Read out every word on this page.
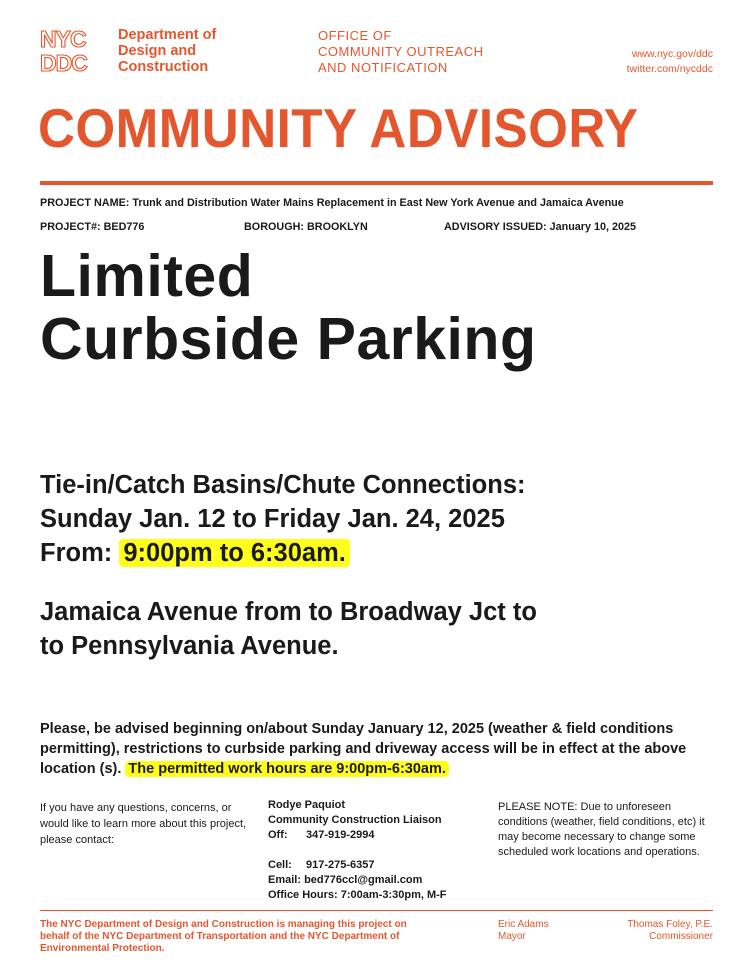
NYC
DDC
Department of
Design and
Construction
OFFICE OF
COMMUNITY OUTREACH
AND NOTIFICATION
www.nyc.gov/ddc
twitter.com/nycddc
COMMUNITY ADVISORY
PROJECT NAME: Trunk and Distribution Water Mains Replacement in East New York Avenue and Jamaica Avenue
PROJECT#: BED776	BOROUGH: BROOKLYN	ADVISORY ISSUED: January 10, 2025
Limited
Curbside Parking
Tie-in/Catch Basins/Chute Connections:
Sunday Jan. 12 to Friday Jan. 24, 2025
From: 9:00pm to 6:30am.
Jamaica Avenue from to Broadway Jct to
to Pennsylvania Avenue.
Please, be advised beginning on/about Sunday January 12, 2025 (weather & field conditions permitting), restrictions to curbside parking and driveway access will be in effect at the above location (s). The permitted work hours are 9:00pm-6:30am.
If you have any questions, concerns, or would like to learn more about this project, please contact:
Rodye Paquiot
Community Construction Liaison
Off: 347-919-2994
Cell: 917-275-6357
Email: bed776ccl@gmail.com
Office Hours: 7:00am-3:30pm, M-F
PLEASE NOTE: Due to unforeseen conditions (weather, field conditions, etc) it may become necessary to change some scheduled work locations and operations.
The NYC Department of Design and Construction is managing this project on behalf of the NYC Department of Transportation and the NYC Department of Environmental Protection.
Eric Adams
Mayor
Thomas Foley, P.E.
Commissioner
